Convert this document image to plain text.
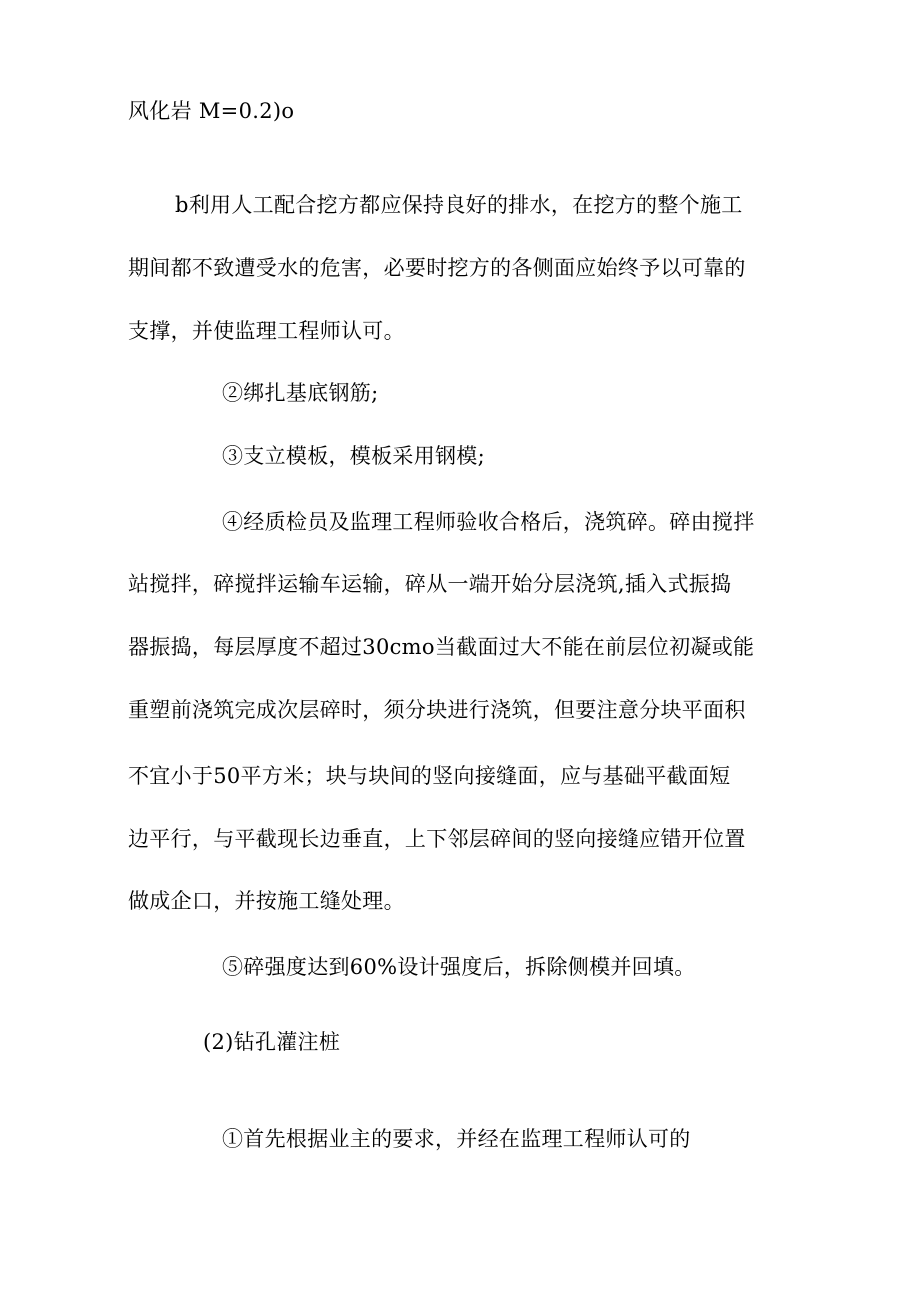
风化岩 M=0.2)o
b利用人工配合挖方都应保持良好的排水，在挖方的整个施工
期间都不致遭受水的危害，必要时挖方的各侧面应始终予以可靠的
支撑，并使监理工程师认可。
②绑扎基底钢筋;
③支立模板，模板采用钢模;
④经质检员及监理工程师验收合格后，浇筑碎。碎由搅拌
站搅拌，碎搅拌运输车运输，碎从一端开始分层浇筑,插入式振捣
器振捣，每层厚度不超过30cmo当截面过大不能在前层位初凝或能
重塑前浇筑完成次层碎时，须分块进行浇筑，但要注意分块平面积
不宜小于50平方米；块与块间的竖向接缝面，应与基础平截面短
边平行，与平截现长边垂直，上下邻层碎间的竖向接缝应错开位置
做成企口，并按施工缝处理。
⑤碎强度达到60%设计强度后，拆除侧模并回填。
(2)钻孔灌注桩
①首先根据业主的要求，并经在监理工程师认可的
